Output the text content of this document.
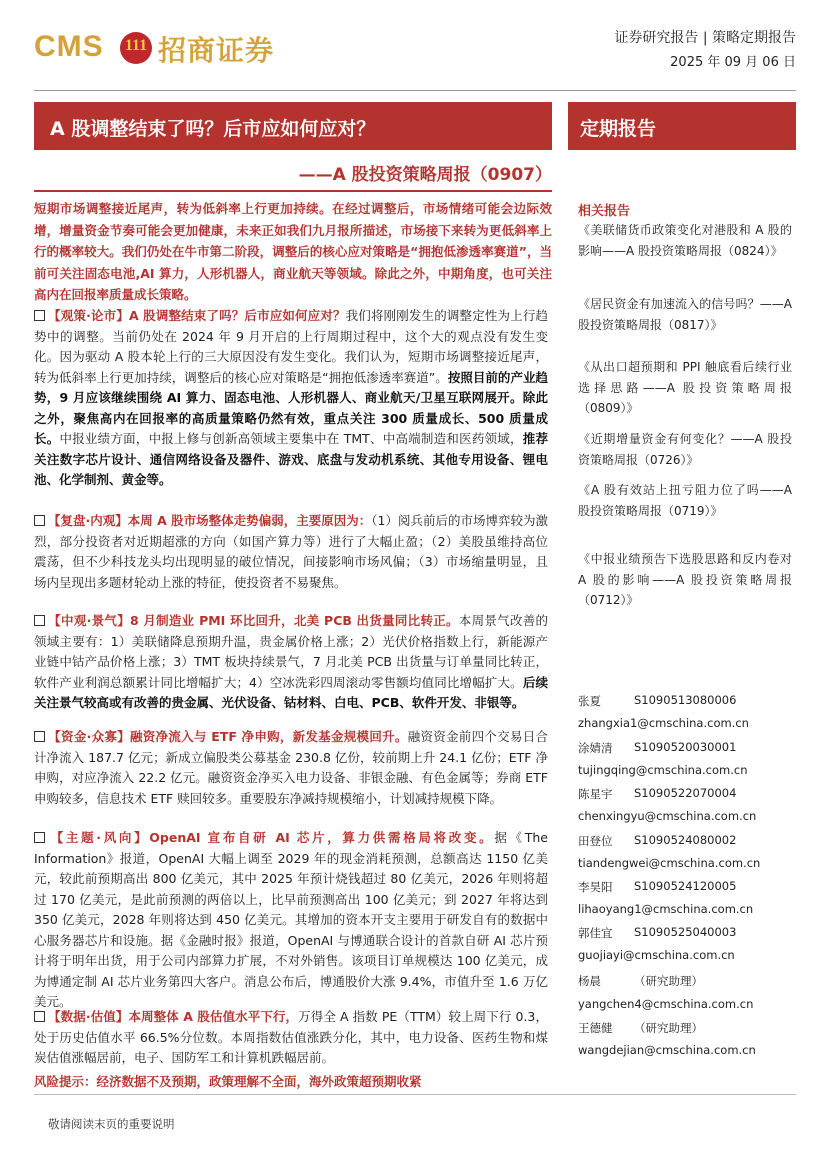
CMS	111 招商证券	证券研究报告 | 策略定期报告
2025 年 09 月 06 日
A 股调整结束了吗？后市应如何应对？	定期报告
——A 股投资策略周报（0907）
短期市场调整接近尾声，转为低斜率上行更加持续。在经过调整后，市场情绪可能会边际效增，增量资金节奏可能会更加健康，未来正如我们九月报所描述，市场接下来转为更低斜率上行的概率较大。我们仍处在牛市第二阶段，调整后的核心应对策略是“拥抱低渗透率赛道”，当前可关注固态电池,AI 算力，人形机器人，商业航天等领域。除此之外，中期角度，也可关注高内在回报率质量成长策略。
【观策·论市】A 股调整结束了吗？后市应如何应对？我们将刚刚发生的调整定性为上行趋势中的调整。当前仍处在 2024 年 9 月开启的上行周期过程中，这个大的观点没有发生变化。因为驱动 A 股本轮上行的三大原因没有发生变化。我们认为，短期市场调整接近尾声，转为低斜率上行更加持续，调整后的核心应对策略是“拥抱低渗透率赛道”。按照目前的产业趋势，9 月应该继续围绕 AI 算力、固态电池、人形机器人、商业航天/卫星互联网展开。除此之外，聚焦高内在回报率的高质量策略仍然有效，重点关注 300 质量成长、500 质量成长。中报业绩方面，中报上修与创新高领域主要集中在 TMT、中高端制造和医药领域，推荐关注数字芯片设计、通信网络设备及器件、游戏、底盘与发动机系统、其他专用设备、锂电池、化学制剂、黄金等。
【复盘·内观】本周 A 股市场整体走势偏弱，主要原因为：（1）阅兵前后的市场博弈较为激烈，部分投资者对近期超涨的方向（如国产算力等）进行了大幅止盈；（2）美股虽维持高位震荡，但不少科技龙头均出现明显的破位情况，间接影响市场风偏；（3）市场缩量明显，且场内呈现出多题材轮动上涨的特征，使投资者不易聚焦。
【中观·景气】8 月制造业 PMI 环比回升，北美 PCB 出货量同比转正。本周景气改善的领域主要有：1）美联储降息预期升温，贵金属价格上涨；2）光伏价格指数上行，新能源产业链中钴产品价格上涨；3）TMT 板块持续景气，7 月北美 PCB 出货量与订单量同比转正，软件产业利润总额累计同比增幅扩大；4）空冰洗彩四周滚动零售额均值同比增幅扩大。后续关注景气较高或有改善的贵金属、光伏设备、钴材料、白电、PCB、软件开发、非银等。
【资金·众寡】融资净流入与 ETF 净申购，新发基金规模回升。融资资金前四个交易日合计净流入 187.7 亿元；新成立偏股类公募基金 230.8 亿份，较前期上升 24.1 亿份；ETF 净申购，对应净流入 22.2 亿元。融资资金净买入电力设备、非银金融、有色金属等；券商 ETF 申购较多，信息技术 ETF 赎回较多。重要股东净减持规模缩小，计划减持规模下降。
【主题·风向】OpenAI 宣布自研 AI 芯片，算力供需格局将改变。据《The Information》报道，OpenAI 大幅上调至 2029 年的现金消耗预测，总额高达 1150 亿美元，较此前预期高出 800 亿美元，其中 2025 年预计烧钱超过 80 亿美元，2026 年则将超过 170 亿美元，是此前预测的两倍以上，比早前预测高出 100 亿美元；到 2027 年将达到 350 亿美元，2028 年则将达到 450 亿美元。其增加的资本开支主要用于研发自有的数据中心服务器芯片和设施。据《金融时报》报道，OpenAI 与博通联合设计的首款自研 AI 芯片预计将于明年出货，用于公司内部算力扩展，不对外销售。该项目订单规模达 100 亿美元，成为博通定制 AI 芯片业务第四大客户。消息公布后，博通股价大涨 9.4%，市值升至 1.6 万亿美元。
【数据·估值】本周整体 A 股估值水平下行，万得全 A 指数 PE（TTM）较上周下行 0.3，处于历史估值水平 66.5%分位数。本周指数估值涨跌分化，其中，电力设备、医药生物和煤炭估值涨幅居前，电子、国防军工和计算机跌幅居前。
风险提示：经济数据不及预期，政策理解不全面，海外政策超预期收紧
敬请阅读末页的重要说明
相关报告
《美联储货币政策变化对港股和 A 股的影响——A 股投资策略周报（0824）》
《居民资金有加速流入的信号吗？——A 股投资策略周报（0817）》
《从出口超预期和 PPI 触底看后续行业选择思路——A 股投资策略周报（0809）》
《近期增量资金有何变化？——A 股投资策略周报（0726）》
《A 股有效站上扭亏阻力位了吗——A 股投资策略周报（0719）》
《中报业绩预告下选股思路和反内卷对 A 股的影响——A 股投资策略周报（0712）》
张夏	S1090513080006
zhangxia1@cmschina.com.cn
涂婧清 S1090520030001
tujingqing@cmschina.com.cn
陈星宇 S1090522070004
chenxingyu@cmschina.com.cn
田登位 S1090524080002
tiandengwei@cmschina.com.cn
李昊阳 S1090524120005
lihaoyang1@cmschina.com.cn
郭佳宜 S1090525040003
guojiayi@cmschina.com.cn
杨晨	（研究助理）
yangchen4@cmschina.com.cn
王德健 （研究助理）
wangdejian@cmschina.com.cn
